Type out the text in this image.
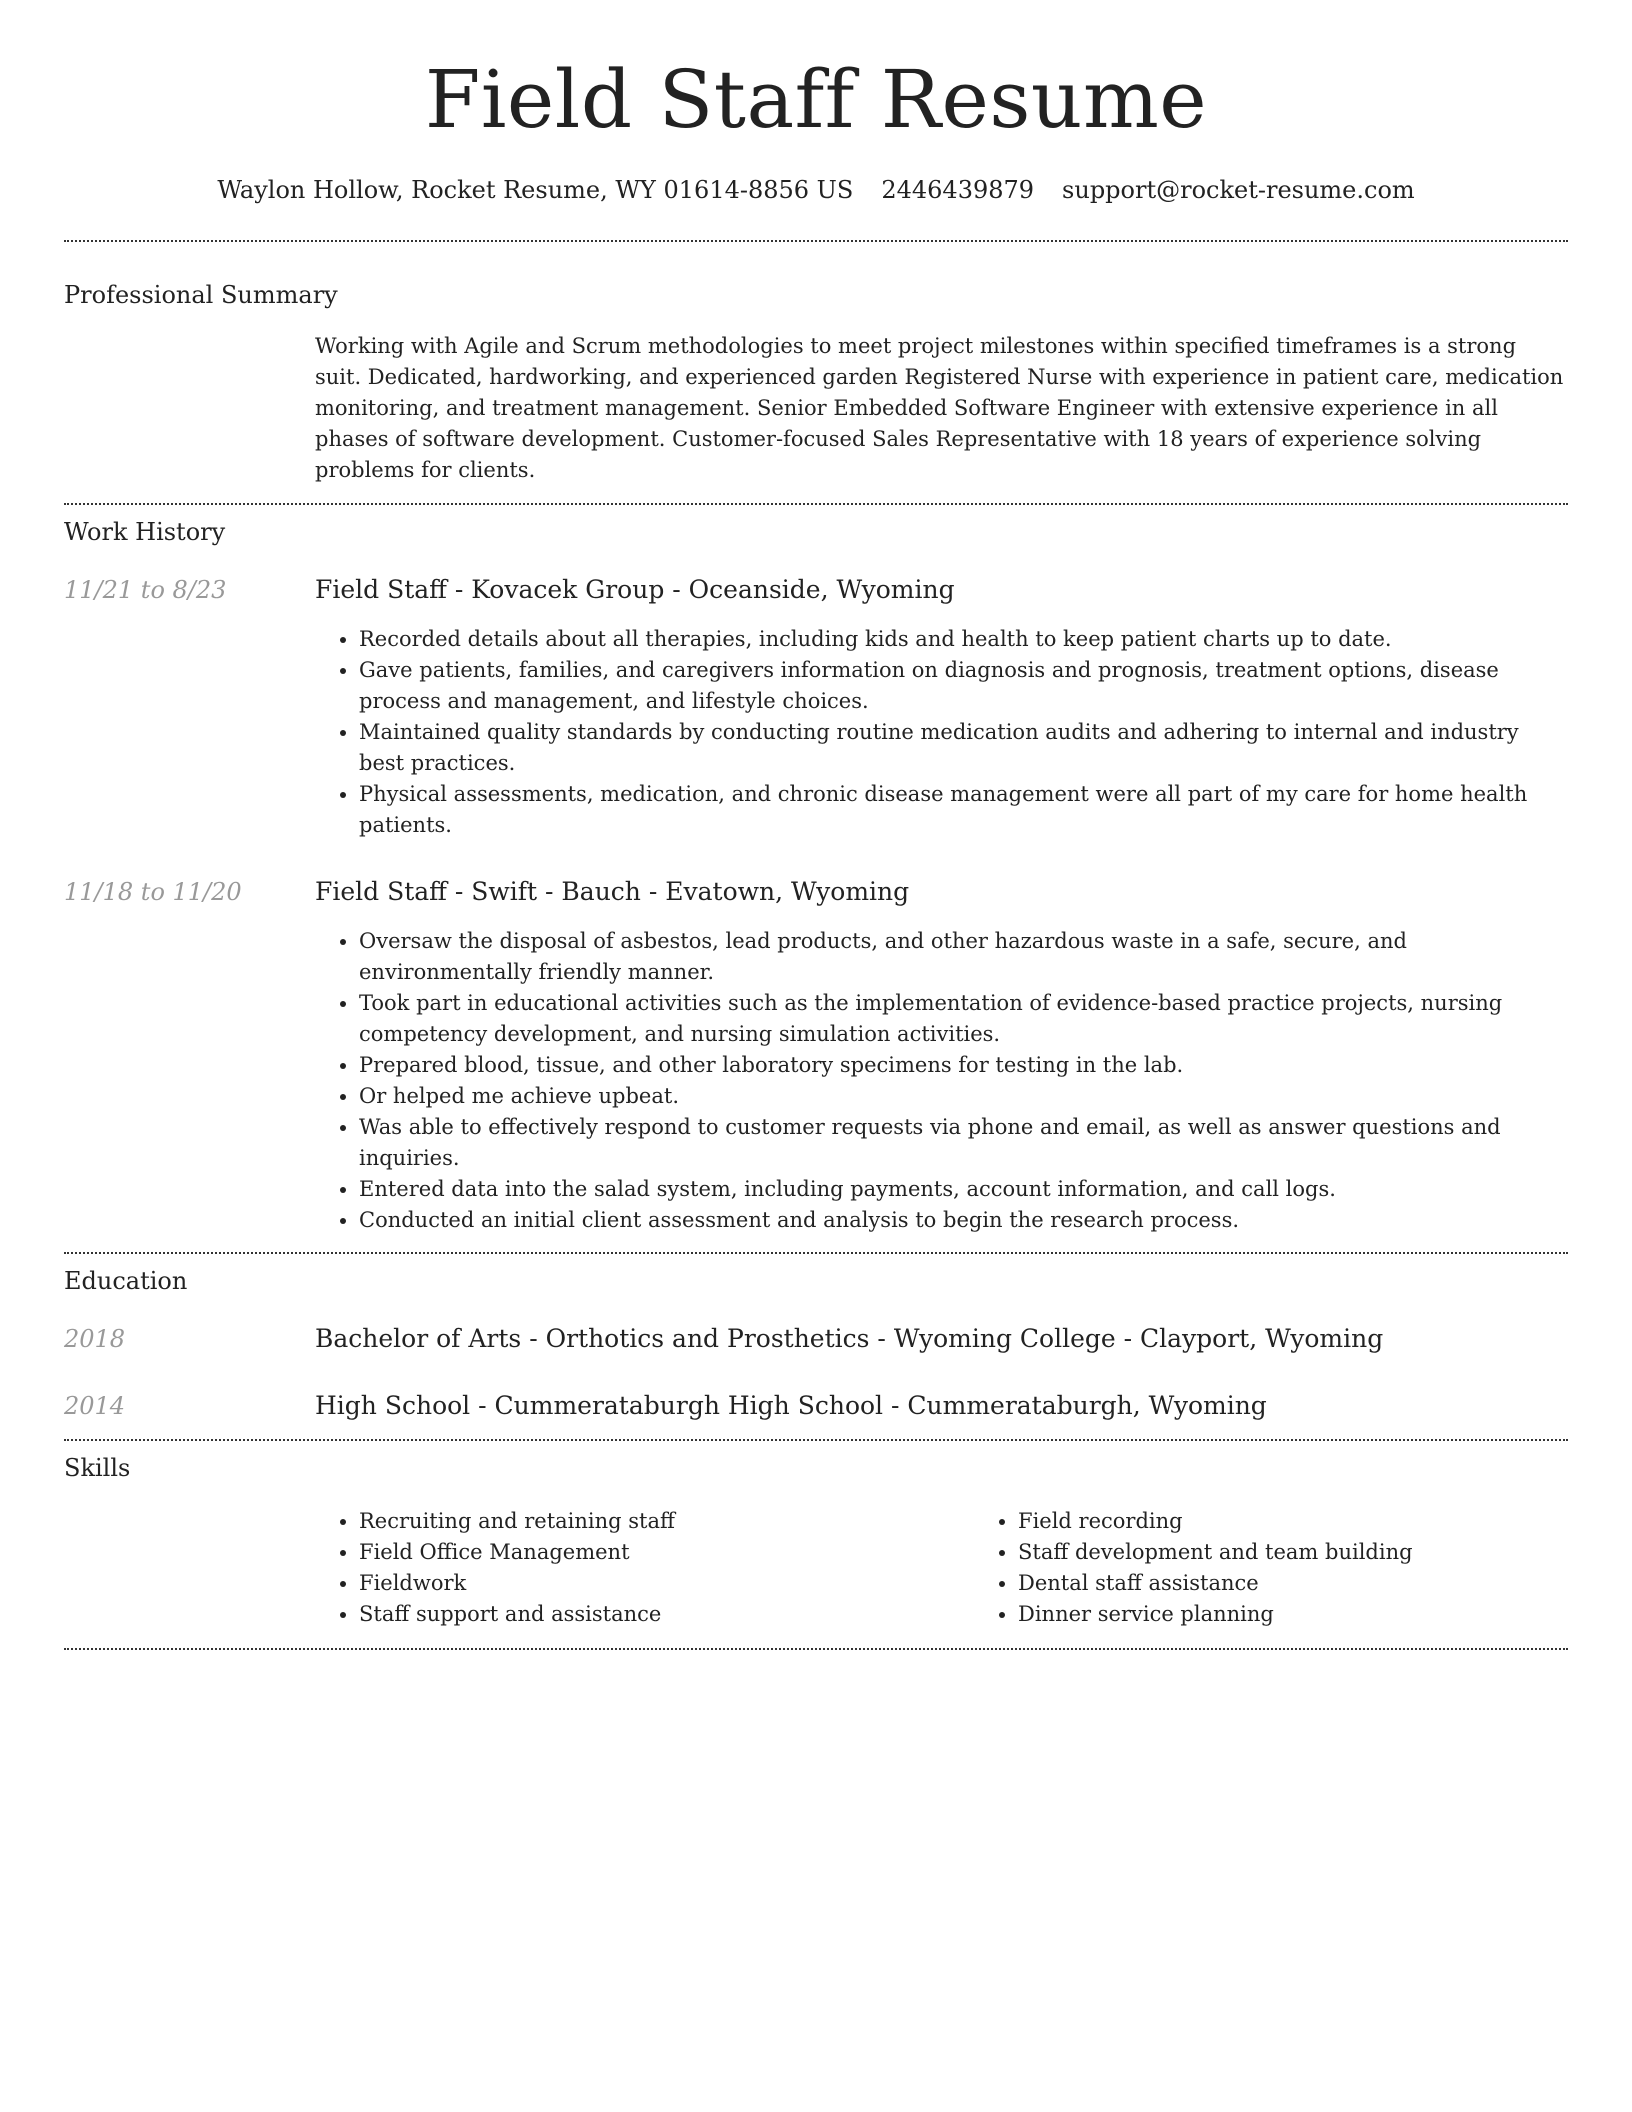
Field Staff Resume
Waylon Hollow, Rocket Resume, WY 01614-8856 US 2446439879 support@rocket-resume.com
Professional Summary
Working with Agile and Scrum methodologies to meet project milestones within specified timeframes is a strong suit. Dedicated, hardworking, and experienced garden Registered Nurse with experience in patient care, medication monitoring, and treatment management. Senior Embedded Software Engineer with extensive experience in all phases of software development. Customer-focused Sales Representative with 18 years of experience solving problems for clients.
Work History
11/21 to 8/23	Field Staff - Kovacek Group - Oceanside, Wyoming
• Recorded details about all therapies, including kids and health to keep patient charts up to date.
• Gave patients, families, and caregivers information on diagnosis and prognosis, treatment options, disease process and management, and lifestyle choices.
• Maintained quality standards by conducting routine medication audits and adhering to internal and industry best practices.
• Physical assessments, medication, and chronic disease management were all part of my care for home health patients.
11/18 to 11/20	Field Staff - Swift - Bauch - Evatown, Wyoming
• Oversaw the disposal of asbestos, lead products, and other hazardous waste in a safe, secure, and environmentally friendly manner.
• Took part in educational activities such as the implementation of evidence-based practice projects, nursing competency development, and nursing simulation activities.
• Prepared blood, tissue, and other laboratory specimens for testing in the lab.
• Or helped me achieve upbeat.
• Was able to effectively respond to customer requests via phone and email, as well as answer questions and inquiries.
• Entered data into the salad system, including payments, account information, and call logs.
• Conducted an initial client assessment and analysis to begin the research process.
Education
2018	Bachelor of Arts - Orthotics and Prosthetics - Wyoming College - Clayport, Wyoming
2014	High School - Cummerataburgh High School - Cummerataburgh, Wyoming
Skills
• Recruiting and retaining staff
• Field Office Management
• Fieldwork
• Staff support and assistance
• Field recording
• Staff development and team building
• Dental staff assistance
• Dinner service planning
